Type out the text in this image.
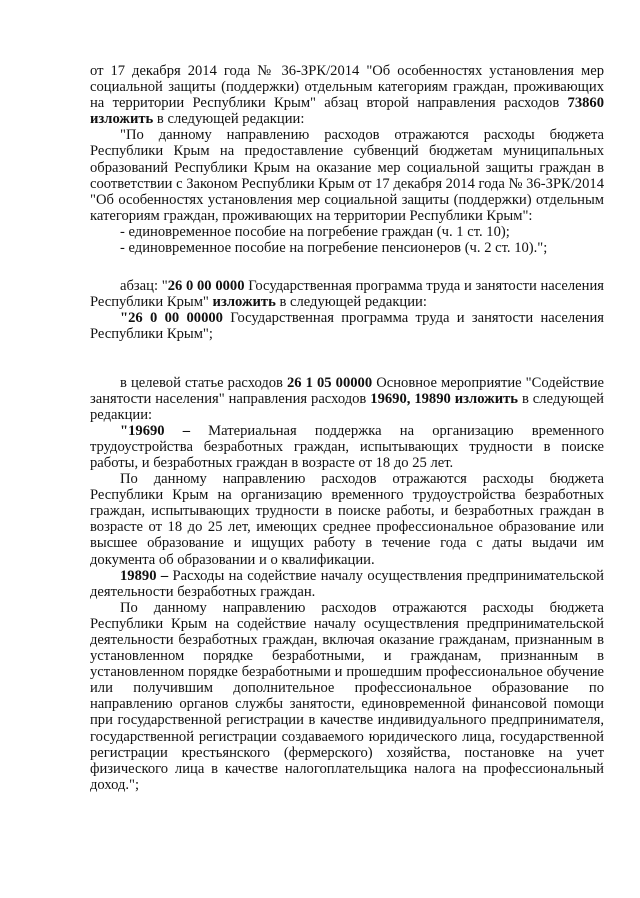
от 17 декабря 2014 года № 36-ЗРК/2014 "Об особенностях установления мер социальной защиты (поддержки) отдельным категориям граждан, проживающих на территории Республики Крым" абзац второй направления расходов 73860 изложить в следующей редакции:

"По данному направлению расходов отражаются расходы бюджета Республики Крым на предоставление субвенций бюджетам муниципальных образований Республики Крым на оказание мер социальной защиты граждан в соответствии с Законом Республики Крым от 17 декабря 2014 года № 36-ЗРК/2014 "Об особенностях установления мер социальной защиты (поддержки) отдельным категориям граждан, проживающих на территории Республики Крым":

- единовременное пособие на погребение граждан (ч. 1 ст. 10);

- единовременное пособие на погребение пенсионеров (ч. 2 ст. 10).";

абзац: "26 0 00 0000 Государственная программа труда и занятости населения Республики Крым" изложить в следующей редакции:

"26 0 00 00000 Государственная программа труда и занятости населения Республики Крым";

в целевой статье расходов 26 1 05 00000 Основное мероприятие "Содействие занятости населения" направления расходов 19690, 19890 изложить в следующей редакции:

"19690 – Материальная поддержка на организацию временного трудоустройства безработных граждан, испытывающих трудности в поиске работы, и безработных граждан в возрасте от 18 до 25 лет.

По данному направлению расходов отражаются расходы бюджета Республики Крым на организацию временного трудоустройства безработных граждан, испытывающих трудности в поиске работы, и безработных граждан в возрасте от 18 до 25 лет, имеющих среднее профессиональное образование или высшее образование и ищущих работу в течение года с даты выдачи им документа об образовании и о квалификации.

19890 – Расходы на содействие началу осуществления предпринимательской деятельности безработных граждан.

По данному направлению расходов отражаются расходы бюджета Республики Крым на содействие началу осуществления предпринимательской деятельности безработных граждан, включая оказание гражданам, признанным в установленном порядке безработными, и гражданам, признанным в установленном порядке безработными и прошедшим профессиональное обучение или получившим дополнительное профессиональное образование по направлению органов службы занятости, единовременной финансовой помощи при государственной регистрации в качестве индивидуального предпринимателя, государственной регистрации создаваемого юридического лица, государственной регистрации крестьянского (фермерского) хозяйства, постановке на учет физического лица в качестве налогоплательщика налога на профессиональный доход.";
